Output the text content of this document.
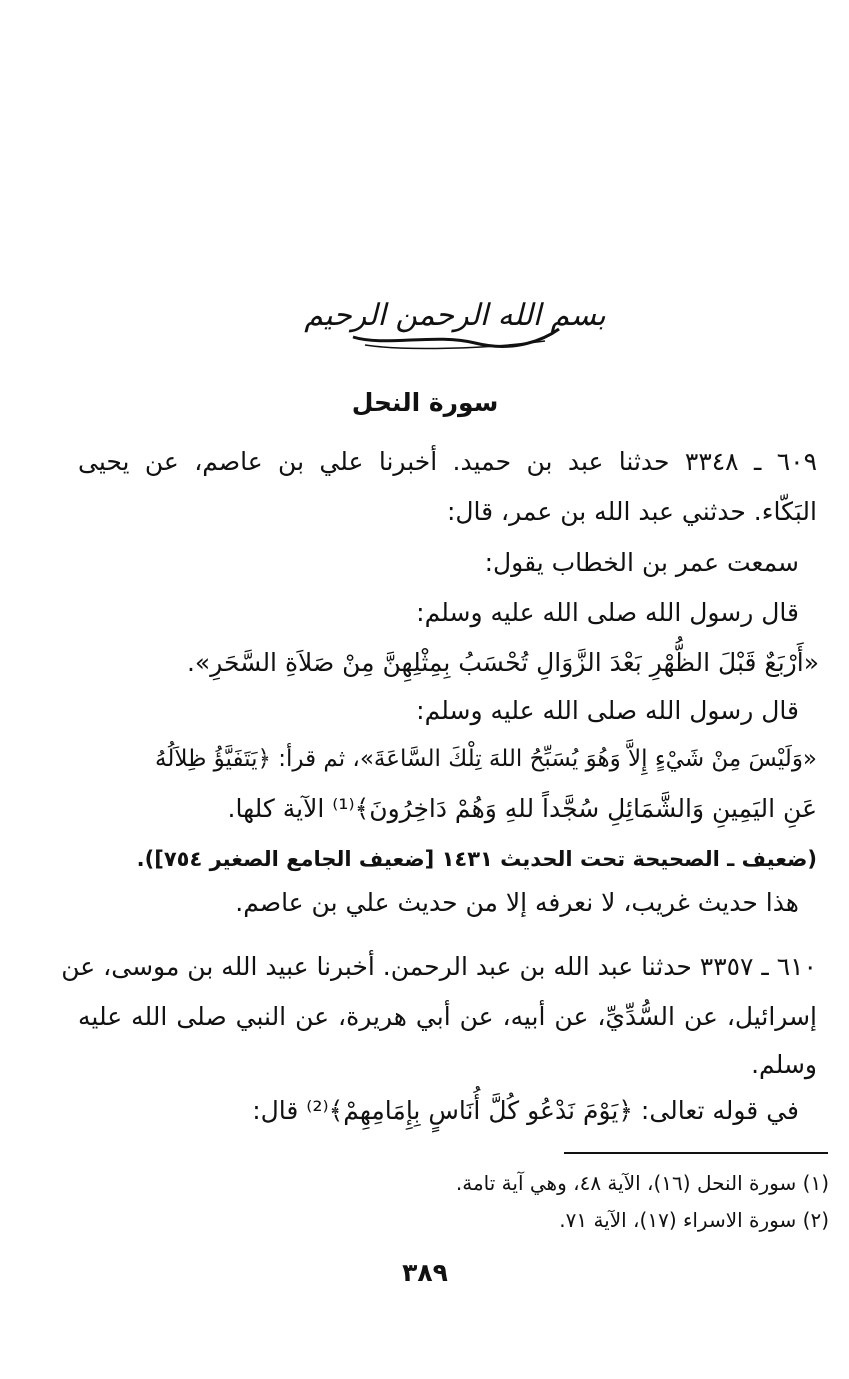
بسم الله الرحمن الرحيم
سورة النحل
٦٠٩ ـ ٣٣٤٨ حدثنا عبد بن حميد. أخبرنا علي بن عاصم، عن يحيى
البَكّاء. حدثني عبد الله بن عمر، قال:
سمعت عمر بن الخطاب يقول:
قال رسول الله صلى الله عليه وسلم:
«أَرْبَعٌ قَبْلَ الظُّهْرِ بَعْدَ الزَّوَالِ تُحْسَبُ بِمِثْلِهِنَّ مِنْ صَلاَةِ السَّحَرِ».
قال رسول الله صلى الله عليه وسلم:
«وَلَيْسَ مِنْ شَيْءٍ إِلاَّ وَهُوَ يُسَبِّحُ اللهَ تِلْكَ السَّاعَةَ»، ثم قرأ: ﴿يَتَفَيَّؤُ ظِلاَلُهُ
عَنِ اليَمِينِ وَالشَّمَائِلِ سُجَّداً للهِ وَهُمْ دَاخِرُونَ﴾⁽¹⁾ الآية كلها.
(ضعيف ـ الصحيحة تحت الحديث ١٤٣١ [ضعيف الجامع الصغير ٧٥٤]).
هذا حديث غريب، لا نعرفه إلا من حديث علي بن عاصم.
٦١٠ ـ ٣٣٥٧ حدثنا عبد الله بن عبد الرحمن. أخبرنا عبيد الله بن موسى، عن
إسرائيل، عن السُّدِّيِّ، عن أبيه، عن أبي هريرة، عن النبي صلى الله عليه
وسلم.
في قوله تعالى: ﴿يَوْمَ نَدْعُو كُلَّ أُنَاسٍ بِإِمَامِهِمْ﴾⁽²⁾ قال:
(١) سورة النحل (١٦)، الآية ٤٨، وهي آية تامة.
(٢) سورة الاسراء (١٧)، الآية ٧١.
٣٨٩
